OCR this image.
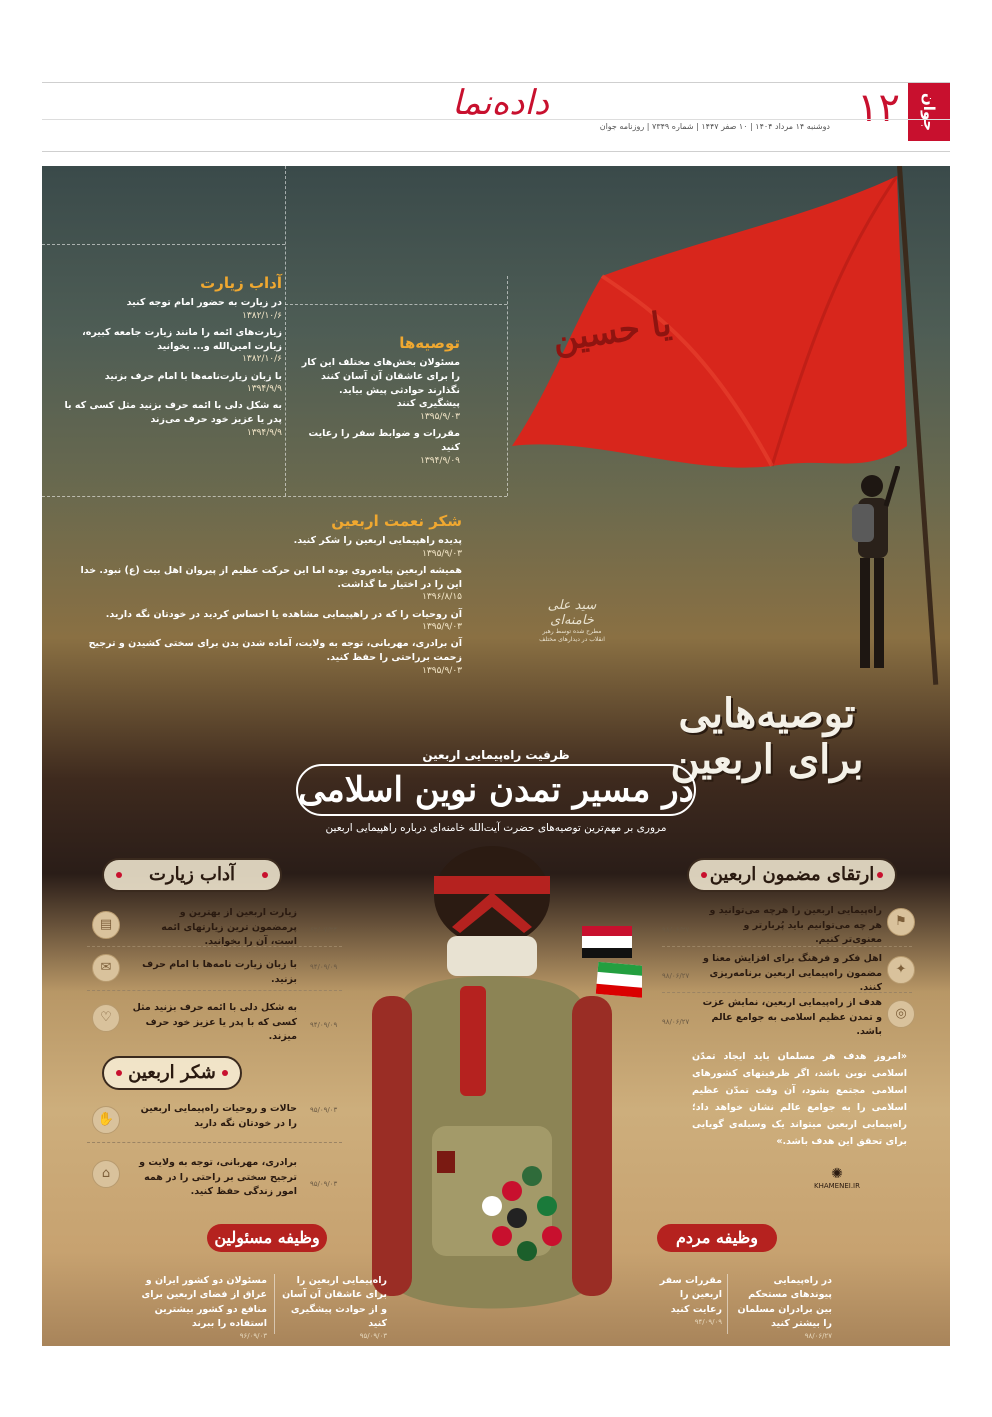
جوان
۱۲
داده‌نما
دوشنبه ۱۴ مرداد ۱۴۰۴ | ۱۰ صفر ۱۴۴۷ | شماره ۷۳۴۹ | روزنامه جوان
یا حسین
سید علی خامنه‌ای
مطرح شده توسط رهبر انقلاب در دیدارهای مختلف
توصیه‌هایی
برای اربعین
آداب زیارت
در زیارت به حضور امام توجه کنید
۱۳۸۲/۱۰/۶
زیارت‌های ائمه را مانند زیارت جامعه کبیره، زیارت امین‌الله و... بخوانید
۱۳۸۲/۱۰/۶
با زبان زیارت‌نامه‌ها با امام حرف بزنید
۱۳۹۴/۹/۹
به شکل دلی با ائمه حرف بزنید مثل کسی که با پدر یا عزیز خود حرف می‌زند
۱۳۹۴/۹/۹
توصیه‌ها
مسئولان بخش‌های مختلف این کار را برای عاشقان آن آسان کنند نگذارند حوادثی پیش بیاید. پیشگیری کنند
۱۳۹۵/۹/۰۳
مقررات و ضوابط سفر را رعایت کنید
۱۳۹۴/۹/۰۹
شکر نعمت اربعین
پدیده راهپیمایی اربعین را شکر کنید.
۱۳۹۵/۹/۰۳
همیشه اربعین پیاده‌روی بوده اما این حرکت عظیم از پیروان اهل بیت (ع) نبود. خدا این را در اختیار ما گذاشت.
۱۳۹۶/۸/۱۵
آن روحیات را که در راهپیمایی مشاهده یا احساس کردید در خودتان نگه دارید.
۱۳۹۵/۹/۰۳
آن برادری، مهربانی، توجه به ولایت، آماده شدن بدن برای سختی کشیدن و ترجیح زحمت برراحتی را حفظ کنید.
۱۳۹۵/۹/۰۳
ظرفیت راه‌پیمایی اربعین
در مسیر تمدن نوین اسلامی
مروری بر مهم‌ترین توصیه‌های حضرت آیت‌الله خامنه‌ای درباره راهپیمایی اربعین
ارتقای مضمون اربعین
⚑
راه‌پیمایی اربعین را هرچه می‌توانید و هر چه می‌توانیم باید پُربارتر و معنوی‌تر کنیم.
۹۸/۰۶/۲۷
✦
اهل فکر و فرهنگ برای افزایش معنا و مضمون راه‌پیمایی اربعین برنامه‌ریزی کنند.
۹۸/۰۶/۲۷
◎
هدف از راه‌پیمایی اربعین، نمایش عزت و تمدن عظیم اسلامی به جوامع عالم باشد.
۹۸/۰۶/۲۷
«امروز هدف هر مسلمان باید ایجاد تمدّن اسلامی نوین باشد، اگر ظرفیتهای کشورهای اسلامی مجتمع بشود، آن وقت تمدّن عظیم اسلامی را به جوامع عالم نشان خواهد داد؛ راه‌پیمایی اربعین میتواند یک وسیله‌ی گویایی برای تحقق این هدف باشد.»
✺
KHAMENEI.IR
آداب زیارت
▤
زیارت اربعین از بهترین و پرمضمون ترین زیارتهای ائمه است، آن را بخوانید.
۶۲/۰۷/۲۴
✉	با زبان زیارت نامه‌ها با امام حرف بزنید.
۹۴/۰۹/۰۹
♡
به شکل دلی با ائمه حرف بزنید مثل کسی که با پدر یا عزیز خود حرف میزند.
۹۴/۰۹/۰۹
شکر اربعین
✋
حالات و روحیات راه‌پیمایی اربعین را در خودتان نگه دارید
۹۵/۰۹/۰۳
⌂
برادری، مهربانی، توجه به ولایت و ترجیح سختی بر راحتی را در همه امور زندگی حفظ کنید.
۹۵/۰۹/۰۳
وظیفه مسئولین	وظیفه مردم
راه‌پیمایی اربعین را برای عاشقان آن آسان و از حوادث پیشگیری کنید
۹۵/۰۹/۰۳
مسئولان دو کشور ایران و عراق از فضای اربعین برای منافع دو کشور بیشترین استفاده را ببرند
۹۶/۰۹/۰۳
در راه‌پیمایی پیوندهای مستحکم بین برادران مسلمان را بیشتر کنید
۹۸/۰۶/۲۷
مقررات سفر اربعین را رعایت کنید
۹۴/۰۹/۰۹
